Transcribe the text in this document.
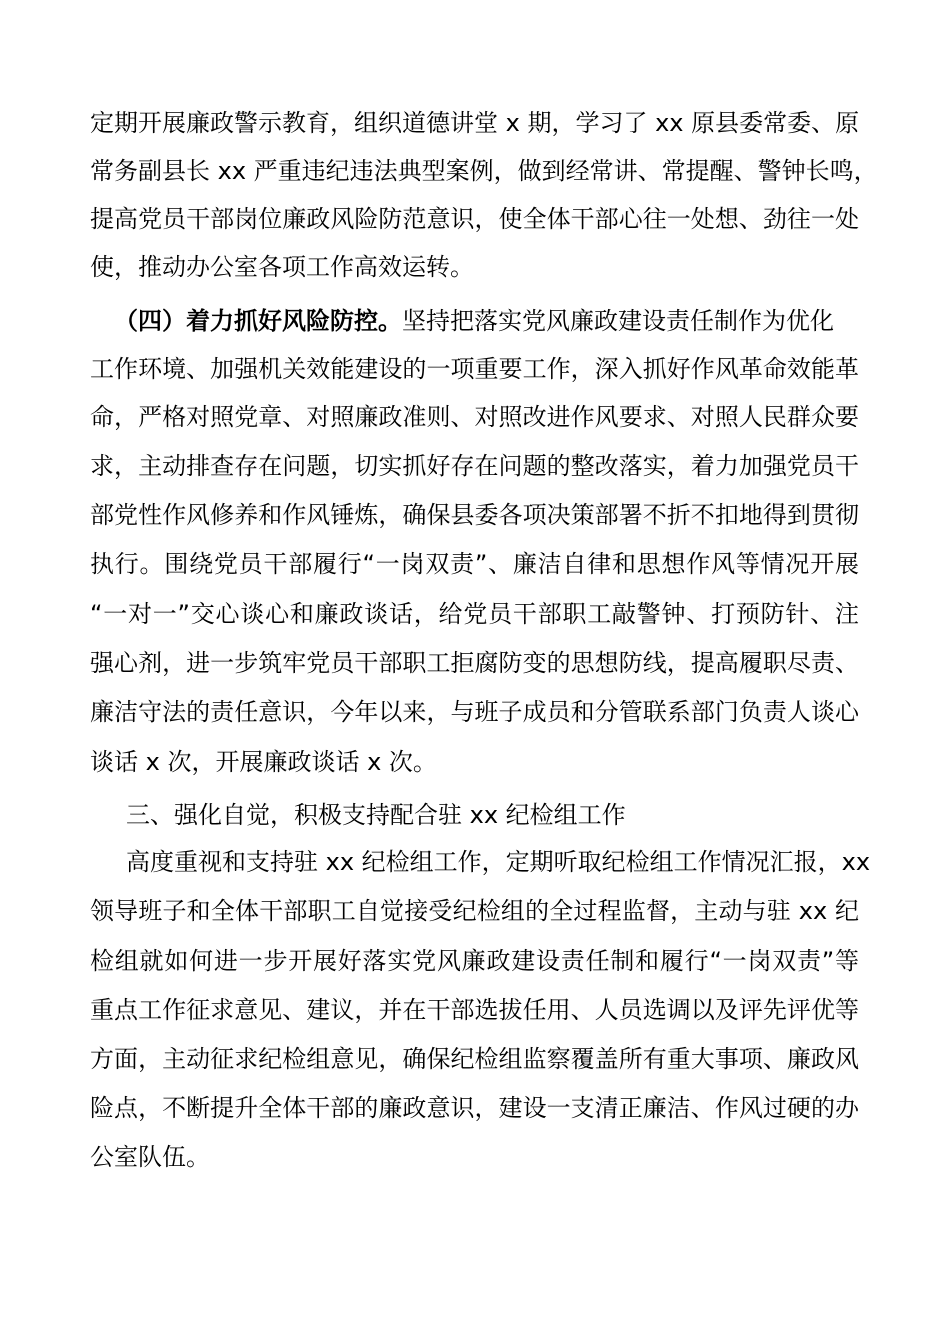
定期开展廉政警示教育，组织道德讲堂 x 期，学习了 xx 原县委常委、原
常务副县长 xx 严重违纪违法典型案例，做到经常讲、常提醒、警钟长鸣，
提高党员干部岗位廉政风险防范意识，使全体干部心往一处想、劲往一处
使，推动办公室各项工作高效运转。
（四）着力抓好风险防控。坚持把落实党风廉政建设责任制作为优化
工作环境、加强机关效能建设的一项重要工作，深入抓好作风革命效能革
命，严格对照党章、对照廉政准则、对照改进作风要求、对照人民群众要
求，主动排查存在问题，切实抓好存在问题的整改落实，着力加强党员干
部党性作风修养和作风锤炼，确保县委各项决策部署不折不扣地得到贯彻
执行。围绕党员干部履行“一岗双责”、廉洁自律和思想作风等情况开展
“一对一”交心谈心和廉政谈话，给党员干部职工敲警钟、打预防针、注
强心剂，进一步筑牢党员干部职工拒腐防变的思想防线，提高履职尽责、
廉洁守法的责任意识，今年以来，与班子成员和分管联系部门负责人谈心
谈话 x 次，开展廉政谈话 x 次。
三、强化自觉，积极支持配合驻 xx 纪检组工作
高度重视和支持驻 xx 纪检组工作，定期听取纪检组工作情况汇报，xx
领导班子和全体干部职工自觉接受纪检组的全过程监督，主动与驻 xx 纪
检组就如何进一步开展好落实党风廉政建设责任制和履行“一岗双责”等
重点工作征求意见、建议，并在干部选拔任用、人员选调以及评先评优等
方面，主动征求纪检组意见，确保纪检组监察覆盖所有重大事项、廉政风
险点，不断提升全体干部的廉政意识，建设一支清正廉洁、作风过硬的办
公室队伍。
